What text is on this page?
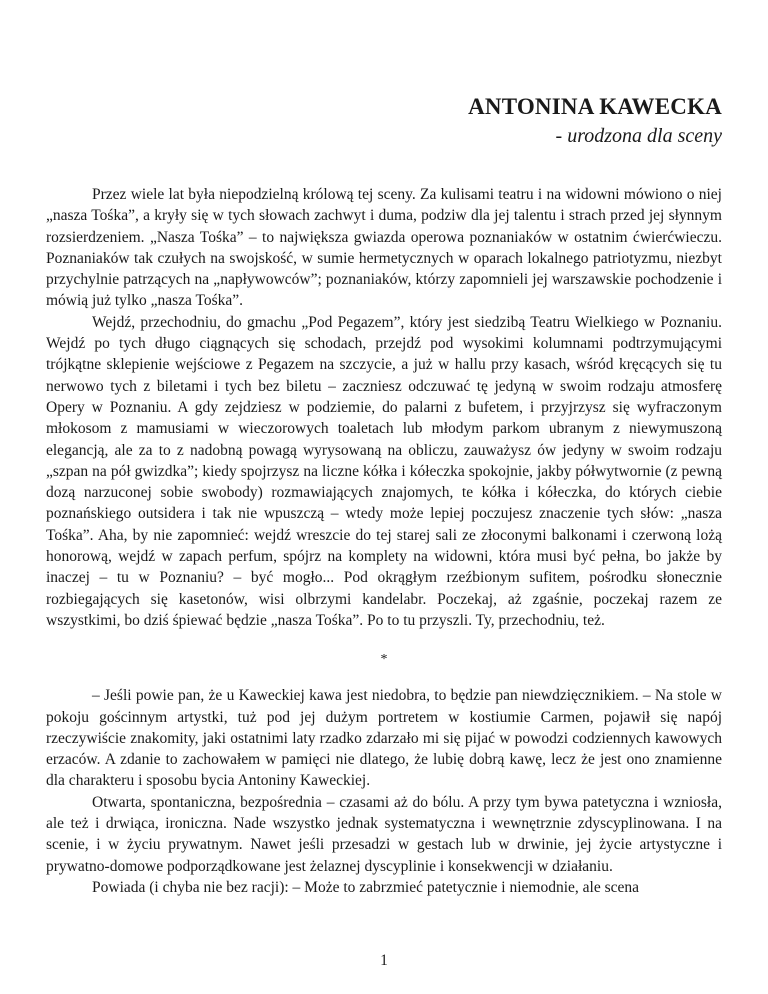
ANTONINA KAWECKA
- urodzona dla sceny

Przez wiele lat była niepodzielną królową tej sceny. Za kulisami teatru i na widowni mówiono o niej „nasza Tośka”, a kryły się w tych słowach zachwyt i duma, podziw dla jej talentu i strach przed jej słynnym rozsierdzeniem. „Nasza Tośka” – to największa gwiazda operowa poznaniaków w ostatnim ćwierćwieczu. Poznaniaków tak czułych na swojskość, w sumie hermetycznych w oparach lokalnego patriotyzmu, niezbyt przychylnie patrzących na „napływowców”; poznaniaków, którzy zapomnieli jej warszawskie pochodzenie i mówią już tylko „nasza Tośka”.

Wejdź, przechodniu, do gmachu „Pod Pegazem”, który jest siedzibą Teatru Wielkiego w Poznaniu. Wejdź po tych długo ciągnących się schodach, przejdź pod wysokimi kolumnami podtrzymującymi trójkątne sklepienie wejściowe z Pegazem na szczycie, a już w hallu przy kasach, wśród kręcących się tu nerwowo tych z biletami i tych bez biletu – zaczniesz odczuwać tę jedyną w swoim rodzaju atmosferę Opery w Poznaniu. A gdy zejdziesz w podziemie, do palarni z bufetem, i przyjrzysz się wyfraczonym młokosom z mamusiami w wieczorowych toaletach lub młodym parkom ubranym z niewymuszoną elegancją, ale za to z nadobną powagą wyrysowaną na obliczu, zauważysz ów jedyny w swoim rodzaju „szpan na pół gwizdka”; kiedy spojrzysz na liczne kółka i kółeczka spokojnie, jakby półwytwornie (z pewną dozą narzuconej sobie swobody) rozmawiających znajomych, te kółka i kółeczka, do których ciebie poznańskiego outsidera i tak nie wpuszczą – wtedy może lepiej poczujesz znaczenie tych słów: „nasza Tośka”. Aha, by nie zapomnieć: wejdź wreszcie do tej starej sali ze złoconymi balkonami i czerwoną lożą honorową, wejdź w zapach perfum, spójrz na komplety na widowni, która musi być pełna, bo jakże by inaczej – tu w Poznaniu? – być mogło... Pod okrągłym rzeźbionym sufitem, pośrodku słonecznie rozbiegających się kasetonów, wisi olbrzymi kandelabr. Poczekaj, aż zgaśnie, poczekaj razem ze wszystkimi, bo dziś śpiewać będzie „nasza Tośka”. Po to tu przyszli. Ty, przechodniu, też.

*

– Jeśli powie pan, że u Kaweckiej kawa jest niedobra, to będzie pan niewdzięcznikiem. – Na stole w pokoju gościnnym artystki, tuż pod jej dużym portretem w kostiumie Carmen, pojawił się napój rzeczywiście znakomity, jaki ostatnimi laty rzadko zdarzało mi się pijać w powodzi codziennych kawowych erzaców. A zdanie to zachowałem w pamięci nie dlatego, że lubię dobrą kawę, lecz że jest ono znamienne dla charakteru i sposobu bycia Antoniny Kaweckiej.

Otwarta, spontaniczna, bezpośrednia – czasami aż do bólu. A przy tym bywa patetyczna i wzniosła, ale też i drwiąca, ironiczna. Nade wszystko jednak systematyczna i wewnętrznie zdyscyplinowana. I na scenie, i w życiu prywatnym. Nawet jeśli przesadzi w gestach lub w drwinie, jej życie artystyczne i prywatno-domowe podporządkowane jest żelaznej dyscyplinie i konsekwencji w działaniu.

Powiada (i chyba nie bez racji): – Może to zabrzmieć patetycznie i niemodnie, ale scena

1
